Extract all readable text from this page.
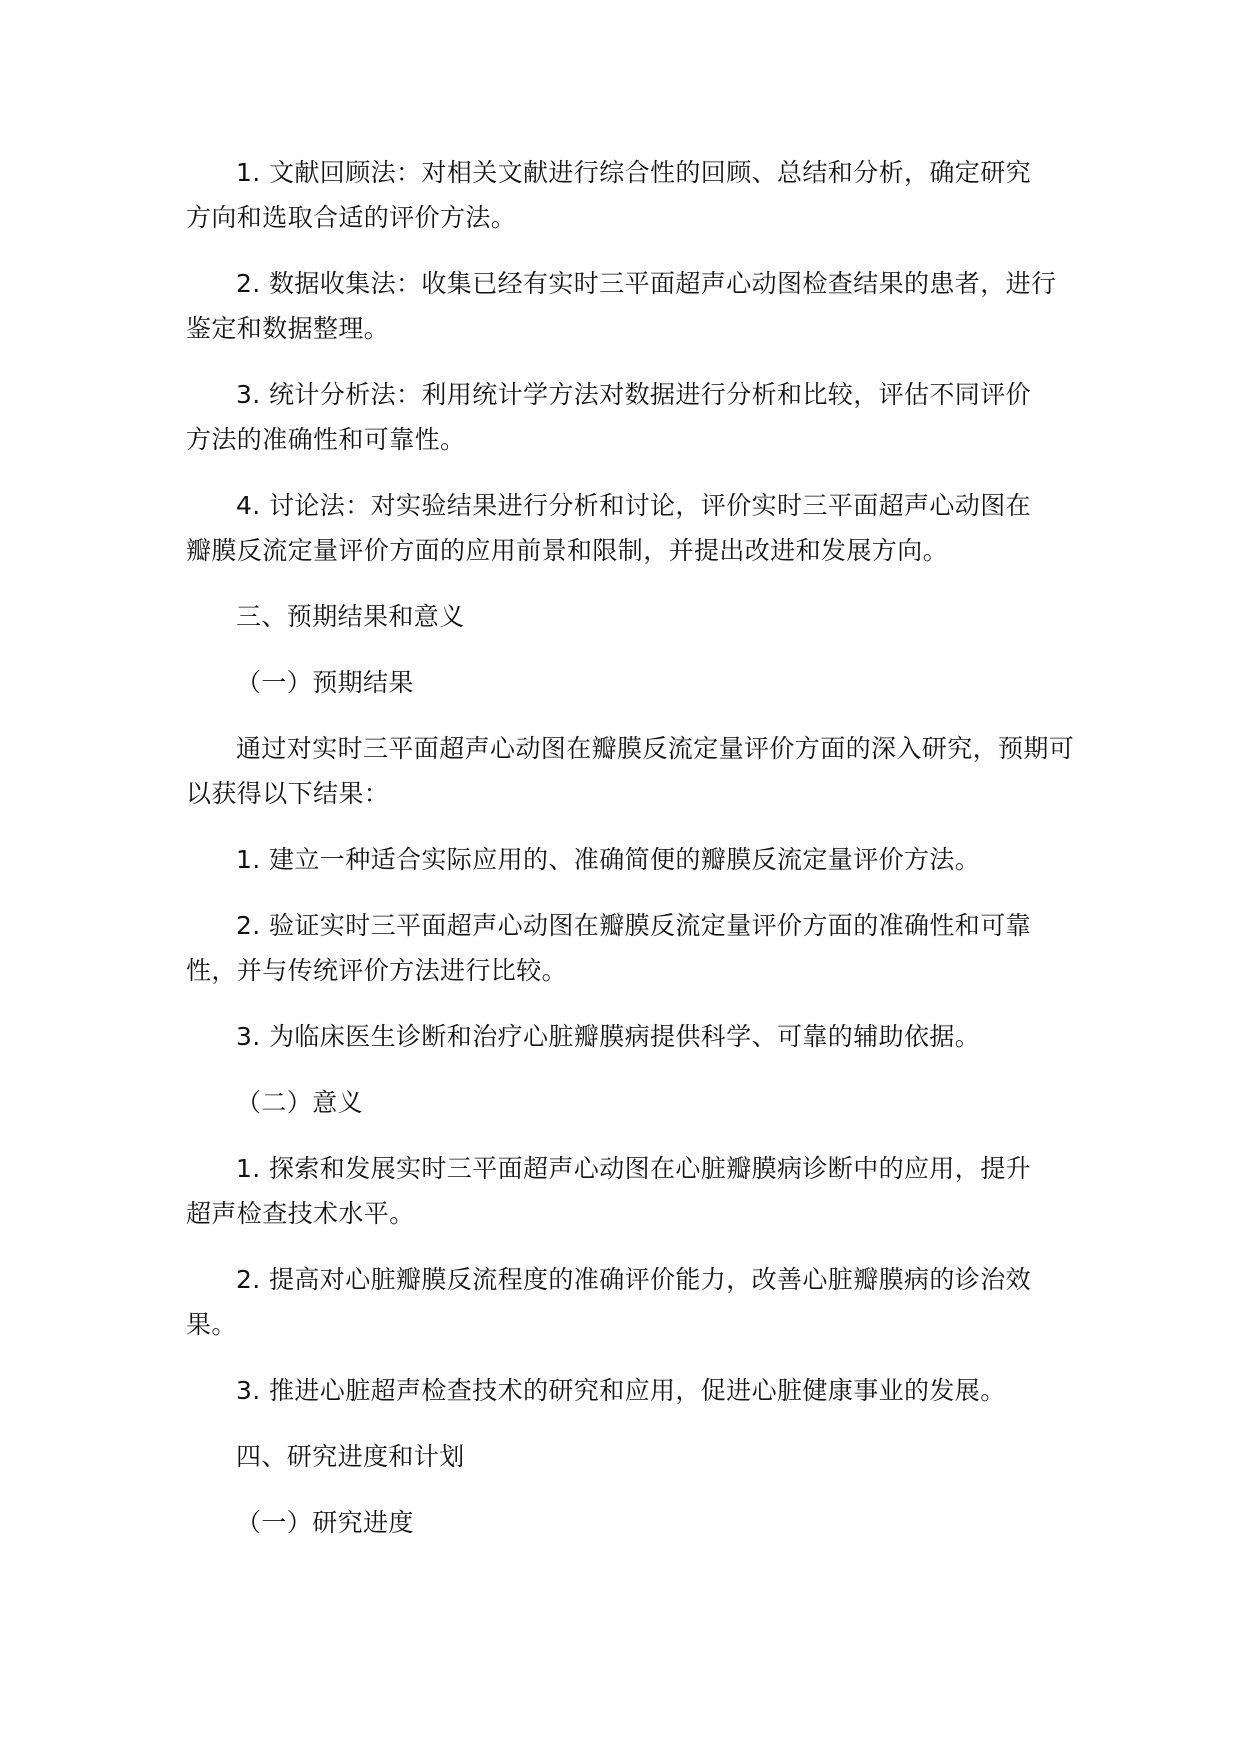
1. 文献回顾法：对相关文献进行综合性的回顾、总结和分析，确定研究方向和选取合适的评价方法。

2. 数据收集法：收集已经有实时三平面超声心动图检查结果的患者，进行鉴定和数据整理。

3. 统计分析法：利用统计学方法对数据进行分析和比较，评估不同评价方法的准确性和可靠性。

4. 讨论法：对实验结果进行分析和讨论，评价实时三平面超声心动图在瓣膜反流定量评价方面的应用前景和限制，并提出改进和发展方向。

三、预期结果和意义

（一）预期结果

通过对实时三平面超声心动图在瓣膜反流定量评价方面的深入研究，预期可以获得以下结果：

1. 建立一种适合实际应用的、准确简便的瓣膜反流定量评价方法。

2. 验证实时三平面超声心动图在瓣膜反流定量评价方面的准确性和可靠性，并与传统评价方法进行比较。

3. 为临床医生诊断和治疗心脏瓣膜病提供科学、可靠的辅助依据。

（二）意义

1. 探索和发展实时三平面超声心动图在心脏瓣膜病诊断中的应用，提升超声检查技术水平。

2. 提高对心脏瓣膜反流程度的准确评价能力，改善心脏瓣膜病的诊治效果。

3. 推进心脏超声检查技术的研究和应用，促进心脏健康事业的发展。

四、研究进度和计划

（一）研究进度
